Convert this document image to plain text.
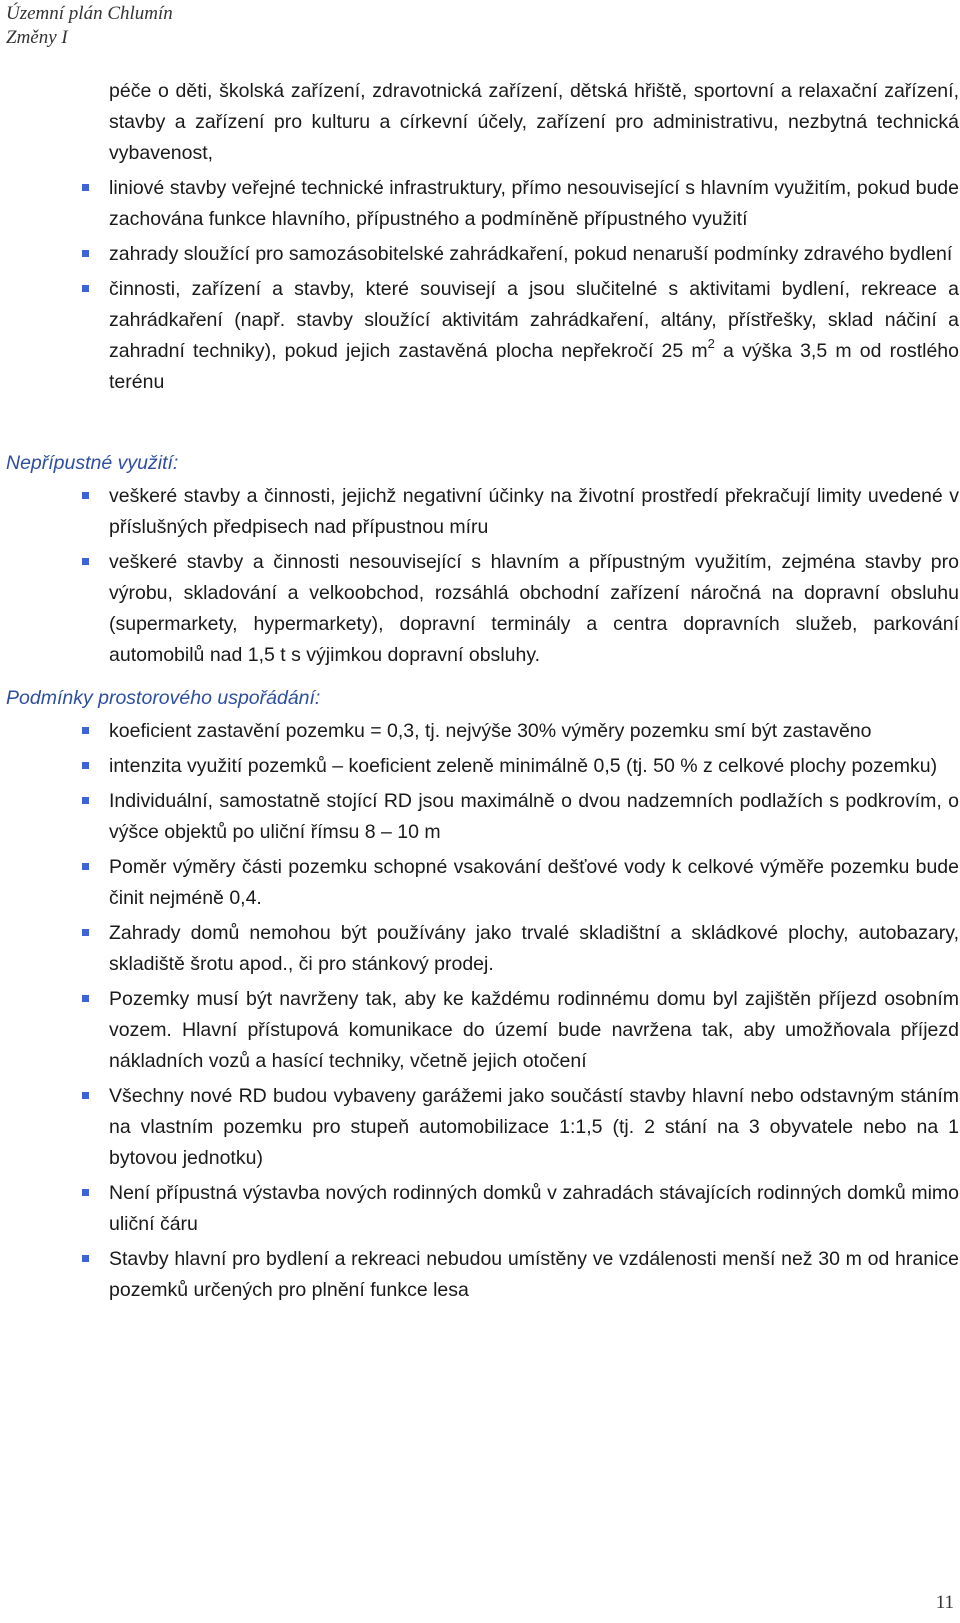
Územní plán Chlumín
Změny I
péče o děti, školská zařízení, zdravotnická zařízení, dětská hřiště, sportovní a relaxační zařízení, stavby a zařízení pro kulturu a církevní účely, zařízení pro administrativu, nezbytná technická vybavenost,
liniové stavby veřejné technické infrastruktury, přímo nesouvisející s hlavním využitím, pokud bude zachována funkce hlavního, přípustného a podmíněně přípustného využití
zahrady sloužící pro samozásobitelské zahrádkaření, pokud nenaruší podmínky zdravého bydlení
činnosti, zařízení a stavby, které souvisejí a jsou slučitelné s aktivitami bydlení, rekreace a zahrádkaření (např. stavby sloužící aktivitám zahrádkaření, altány, přístřešky, sklad náčiní a zahradní techniky), pokud jejich zastavěná plocha nepřekročí 25 $m^2$ a výška 3,5 m od rostlého terénu
Nepřípustné využití:
veškeré stavby a činnosti, jejichž negativní účinky na životní prostředí překračují limity uvedené v příslušných předpisech nad přípustnou míru
veškeré stavby a činnosti nesouvisející s hlavním a přípustným využitím, zejména stavby pro výrobu, skladování a velkoobchod, rozsáhlá obchodní zařízení náročná na dopravní obsluhu (supermarkety, hypermarkety), dopravní terminály a centra dopravních služeb, parkování automobilů nad 1,5 t s výjimkou dopravní obsluhy.
Podmínky prostorového uspořádání:
koeficient zastavění pozemku = 0,3, tj. nejvýše 30% výměry pozemku smí být zastavěno
intenzita využití pozemků – koeficient zeleně minimálně 0,5 (tj. 50 % z celkové plochy pozemku)
Individuální, samostatně stojící RD jsou maximálně o dvou nadzemních podlažích s podkrovím, o výšce objektů po uliční římsu 8 – 10 m
Poměr výměry části pozemku schopné vsakování dešťové vody k celkové výměře pozemku bude činit nejméně 0,4.
Zahrady domů nemohou být používány jako trvalé skladištní a skládkové plochy, autobazary, skladiště šrotu apod., či pro stánkový prodej.
Pozemky musí být navrženy tak, aby ke každému rodinnému domu byl zajištěn příjezd osobním vozem. Hlavní přístupová komunikace do území bude navržena tak, aby umožňovala příjezd nákladních vozů a hasící techniky, včetně jejich otočení
Všechny nové RD budou vybaveny garážemi jako součástí stavby hlavní nebo odstavným stáním na vlastním pozemku pro stupeň automobilizace 1:1,5 (tj. 2 stání na 3 obyvatele nebo na 1 bytovou jednotku)
Není přípustná výstavba nových rodinných domků v zahradách stávajících rodinných domků mimo uliční čáru
Stavby hlavní pro bydlení a rekreaci nebudou umístěny ve vzdálenosti menší než 30 m od hranice pozemků určených pro plnění funkce lesa
11
